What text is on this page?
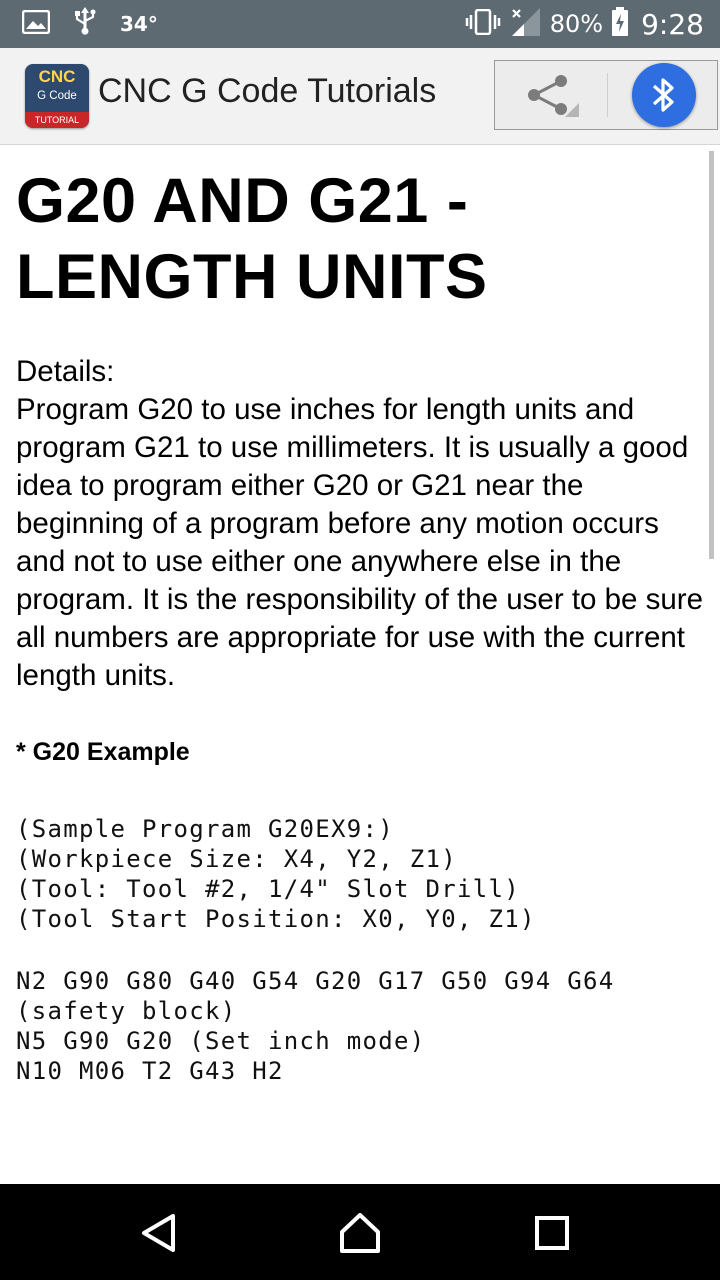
34°	80% 9:28
CNC
G Code
TUTORIAL
CNC G Code Tutorials
G20 AND G21 - LENGTH UNITS
Details:

Program G20 to use inches for length units and program G21 to use millimeters. It is usually a good idea to program either G20 or G21 near the beginning of a program before any motion occurs and not to use either one anywhere else in the program. It is the responsibility of the user to be sure all numbers are appropriate for use with the current length units.

* G20 Example
(Sample Program G20EX9:)
(Workpiece Size: X4, Y2, Z1)
(Tool: Tool #2, 1/4" Slot Drill)
(Tool Start Position: X0, Y0, Z1)
N2 G90 G80 G40 G54 G20 G17 G50 G94 G64
(safety block)
N5 G90 G20 (Set inch mode)
N10 M06 T2 G43 H2
